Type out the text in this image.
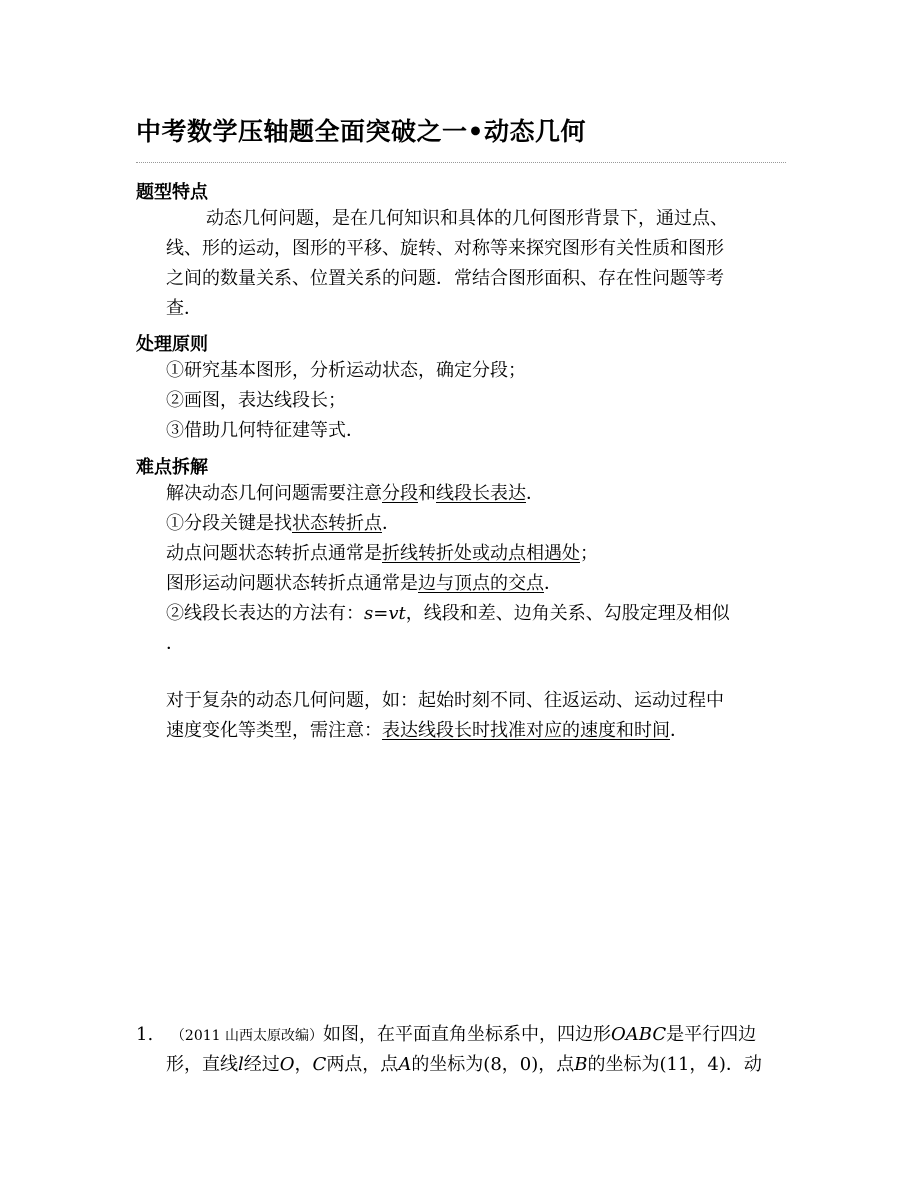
中考数学压轴题全面突破之一•动态几何
题型特点
动态几何问题，是在几何知识和具体的几何图形背景下，通过点、
线、形的运动，图形的平移、旋转、对称等来探究图形有关性质和图形
之间的数量关系、位置关系的问题．常结合图形面积、存在性问题等考
查．
处理原则
①研究基本图形，分析运动状态，确定分段；
②画图，表达线段长；
③借助几何特征建等式．
难点拆解
解决动态几何问题需要注意分段和线段长表达．
①分段关键是找状态转折点．
动点问题状态转折点通常是折线转折处或动点相遇处；
图形运动问题状态转折点通常是边与顶点的交点．
②线段长表达的方法有：s=vt，线段和差、边角关系、勾股定理及相似
．
对于复杂的动态几何问题，如：起始时刻不同、往返运动、运动过程中
速度变化等类型，需注意：表达线段长时找准对应的速度和时间．
1. （2011 山西太原改编）如图，在平面直角坐标系中，四边形OABC是平行四边
形，直线l经过O，C两点，点A的坐标为(8，0)，点B的坐标为(11，4)．动
